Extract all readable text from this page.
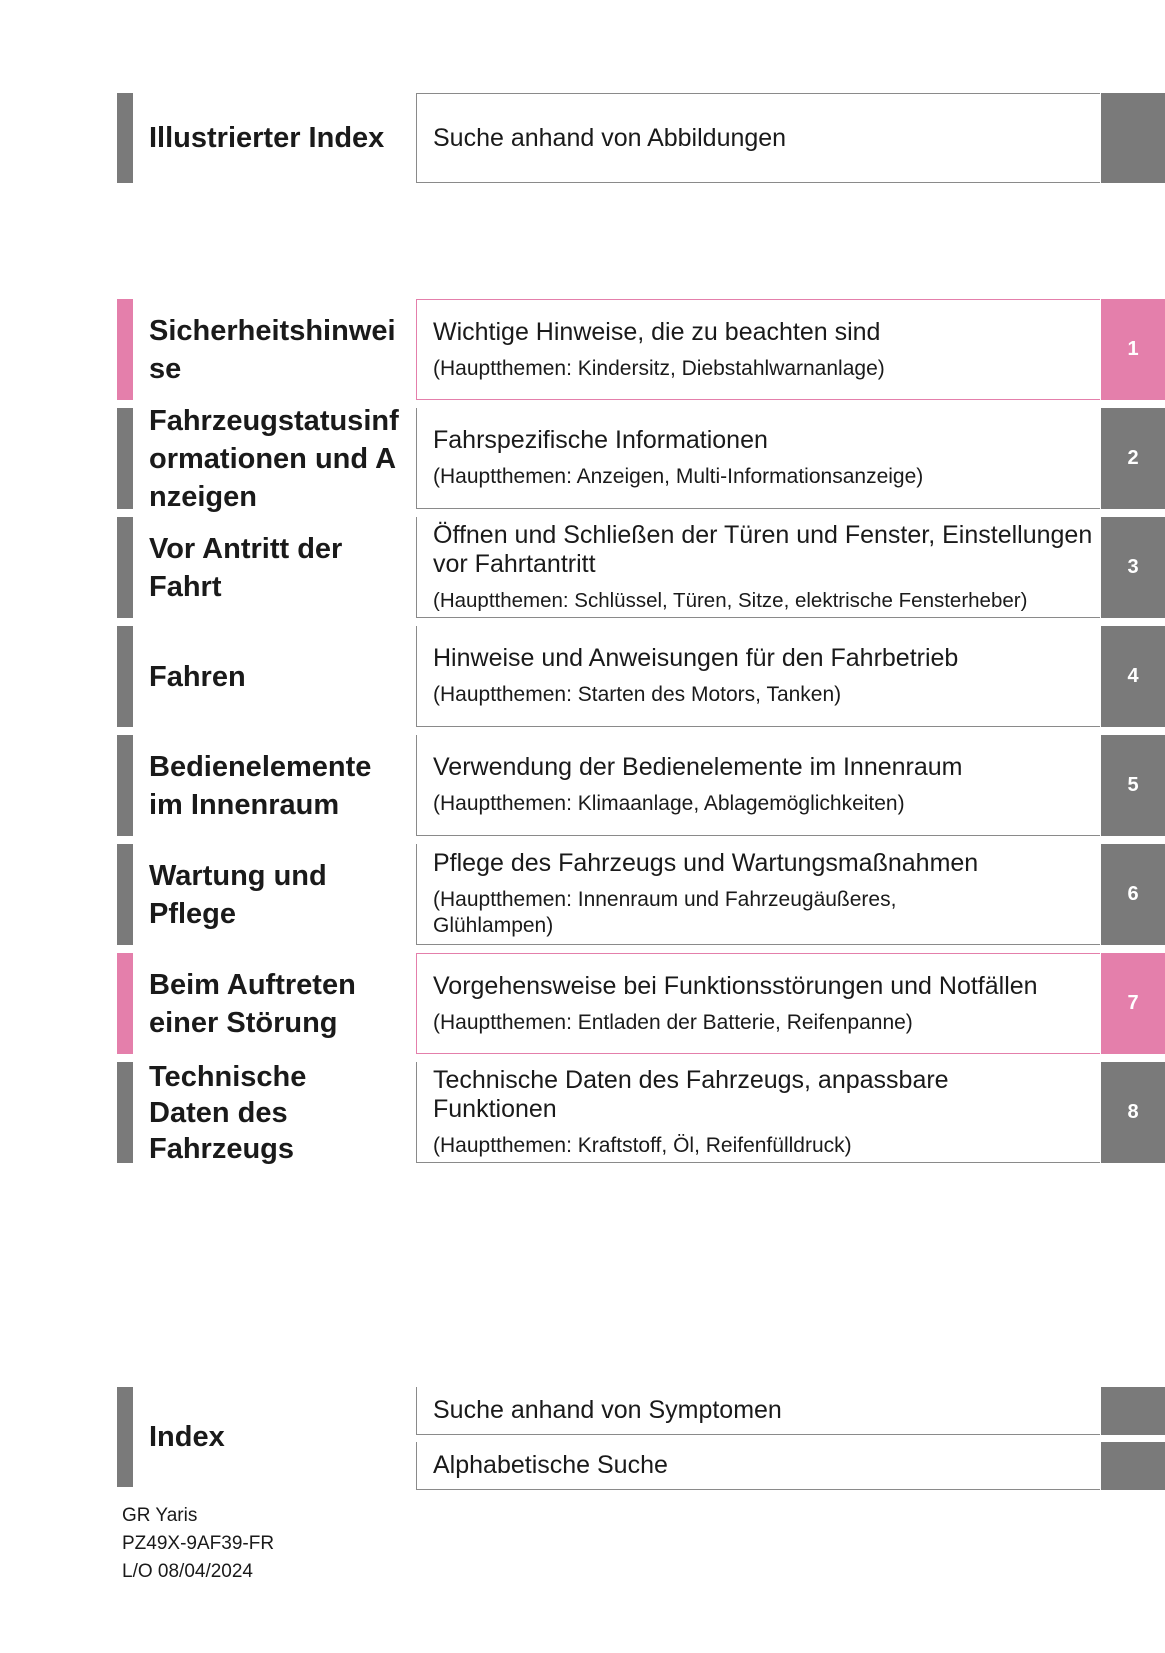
Illustrierter Index	Suche anhand von Abbildungen
Sicherheitshinweise
Wichtige Hinweise, die zu beachten sind
(Hauptthemen: Kindersitz, Diebstahlwarnanlage)
1
Fahrzeugstatusinformationen und Anzeigen
Fahrspezifische Informationen
(Hauptthemen: Anzeigen, Multi-Informationsanzeige)
2
Vor Antritt der Fahrt
Öffnen und Schließen der Türen und Fenster, Einstellungen vor Fahrtantritt
(Hauptthemen: Schlüssel, Türen, Sitze, elektrische Fensterheber)
3
Fahren
Hinweise und Anweisungen für den Fahrbetrieb
(Hauptthemen: Starten des Motors, Tanken)
4
Bedienelemente im Innenraum
Verwendung der Bedienelemente im Innenraum
(Hauptthemen: Klimaanlage, Ablagemöglichkeiten)
5
Wartung und Pflege
Pflege des Fahrzeugs und Wartungsmaßnahmen
(Hauptthemen: Innenraum und Fahrzeugäußeres, Glühlampen)
6
Beim Auftreten einer Störung
Vorgehensweise bei Funktionsstörungen und Notfällen
(Hauptthemen: Entladen der Batterie, Reifenpanne)
7
Technische Daten des Fahrzeugs
Technische Daten des Fahrzeugs, anpassbare Funktionen
(Hauptthemen: Kraftstoff, Öl, Reifenfülldruck)
8
Index
Suche anhand von Symptomen
Alphabetische Suche
GR Yaris
PZ49X-9AF39-FR
L/O 08/04/2024
